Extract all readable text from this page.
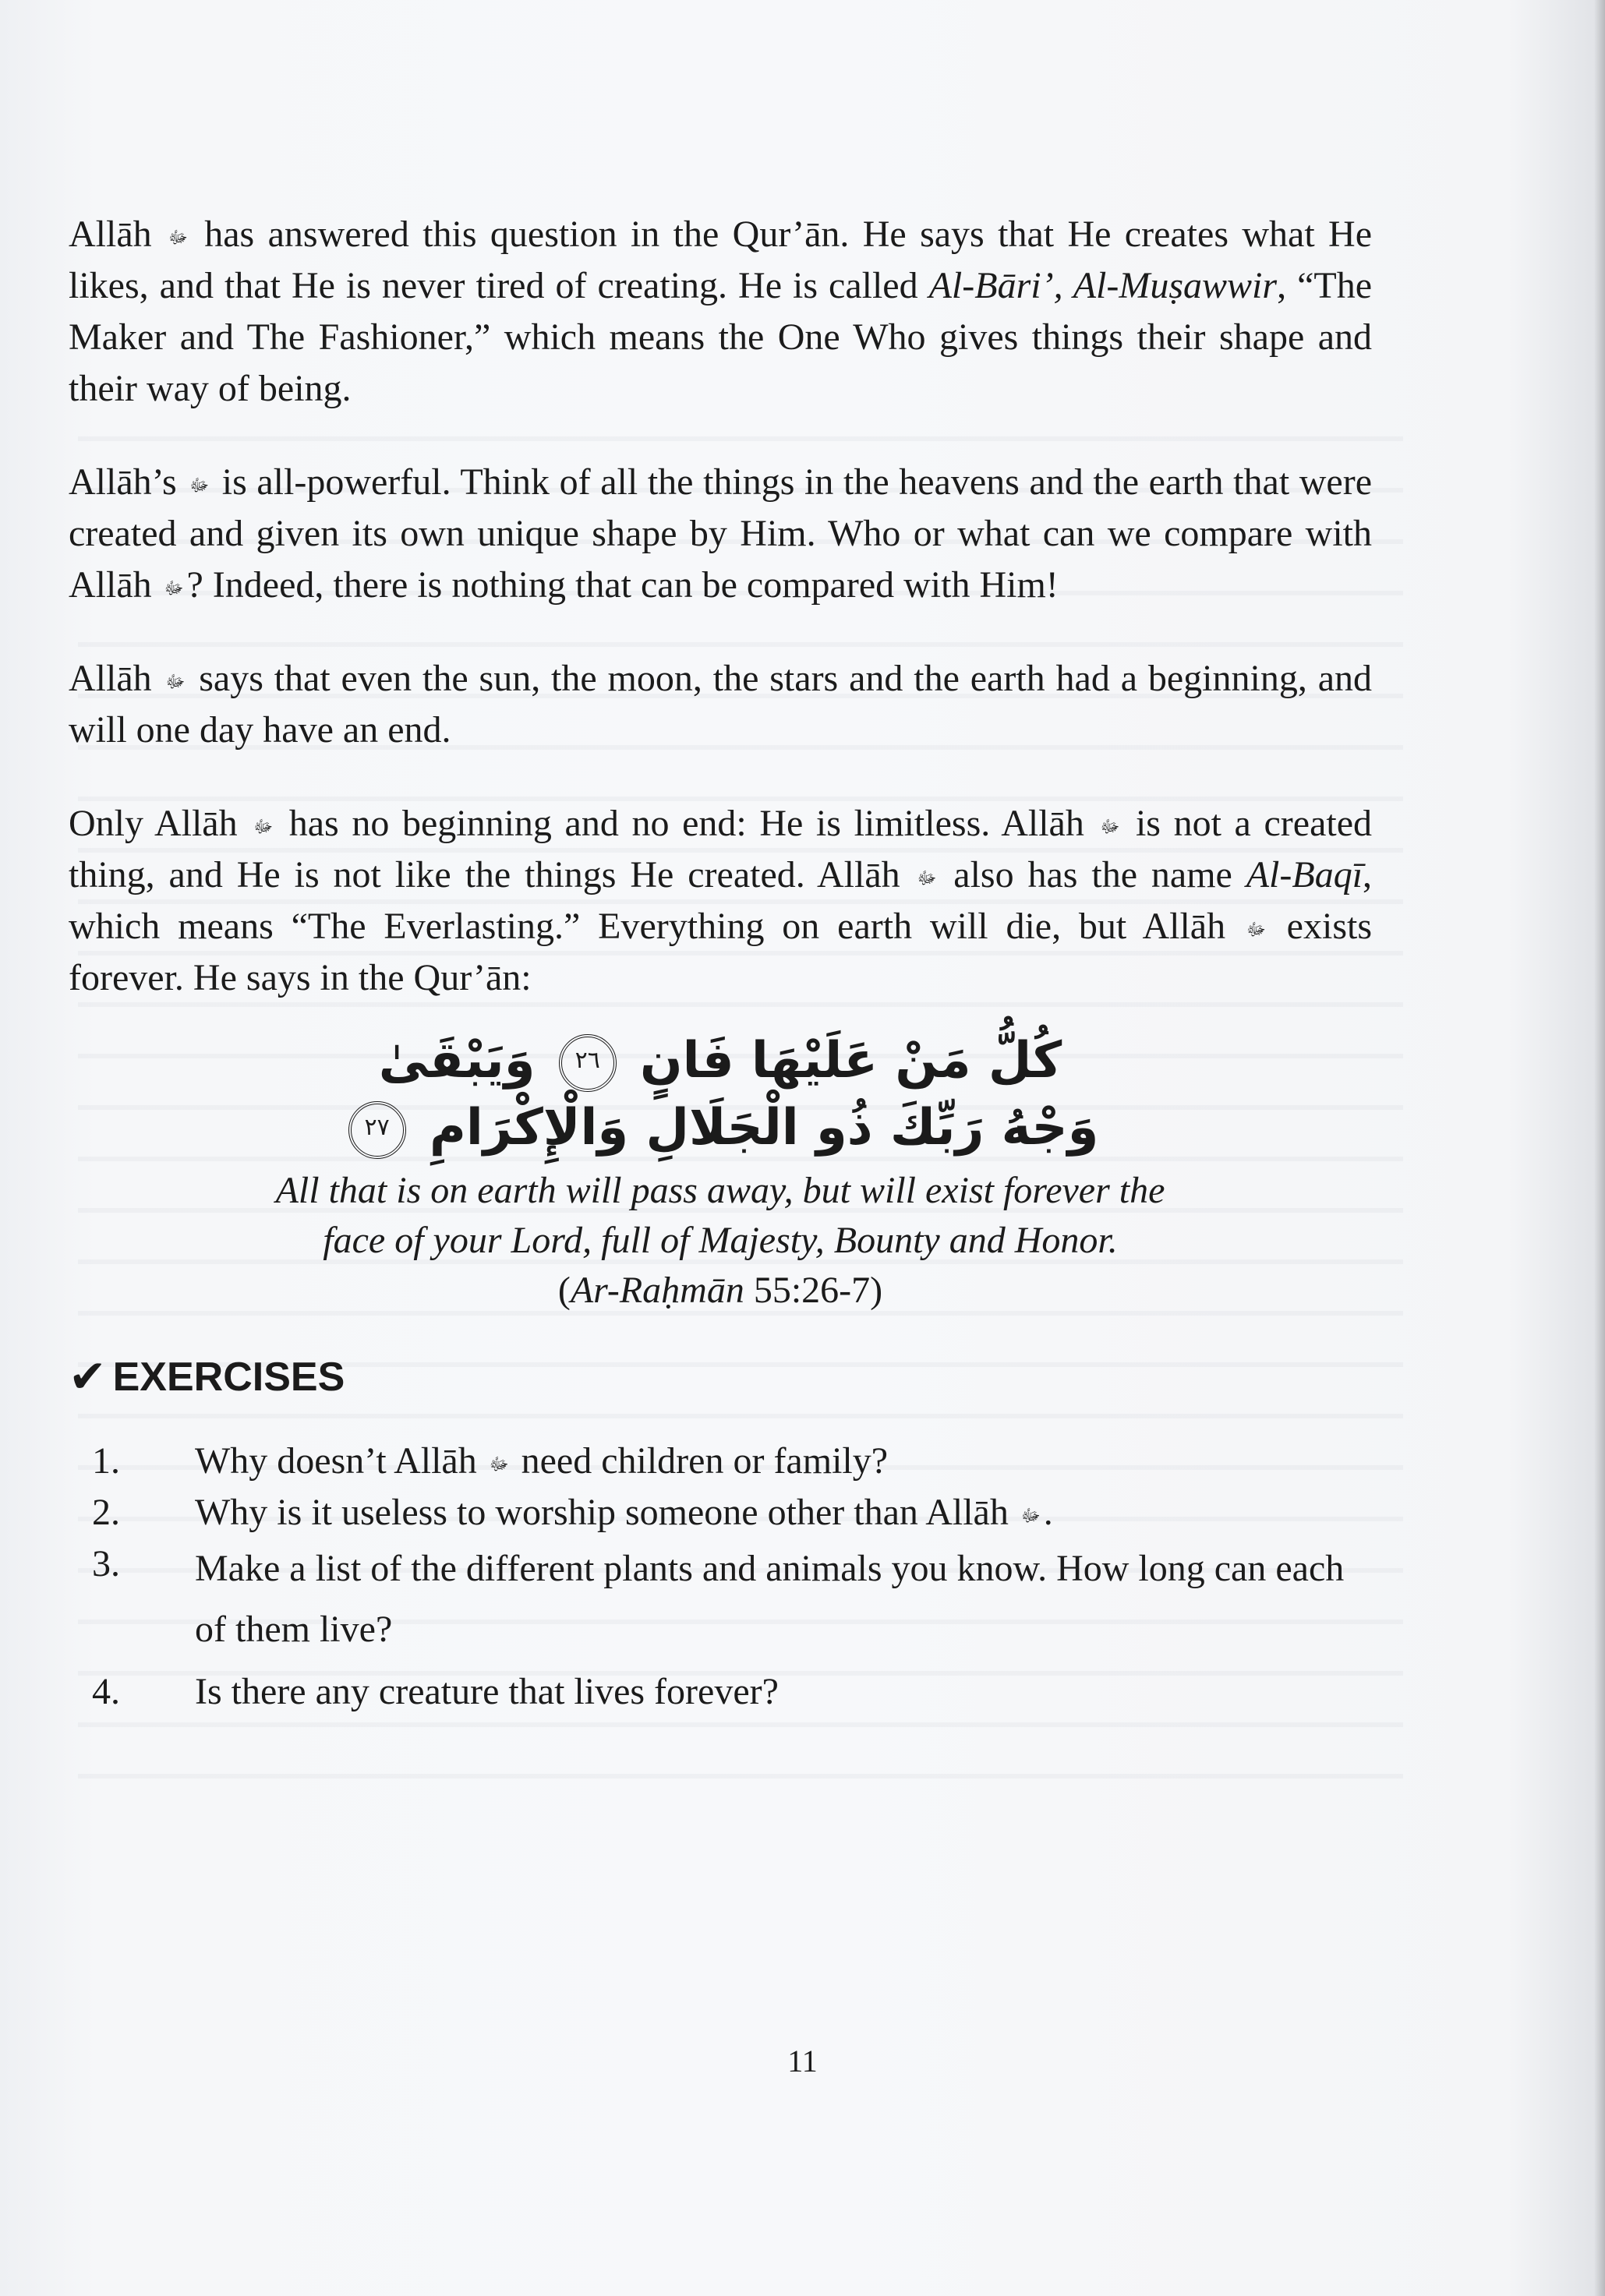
Allāh ﷻ has answered this question in the Qur’ān. He says that He creates what He likes, and that He is never tired of creating. He is called Al-Bāri’, Al-Muṣawwir, “The Maker and The Fashioner,” which means the One Who gives things their shape and their way of being.

Allāh’s ﷻ is all-powerful. Think of all the things in the heavens and the earth that were created and given its own unique shape by Him. Who or what can we compare with Allāh ﷻ? Indeed, there is nothing that can be compared with Him!

Allāh ﷻ says that even the sun, the moon, the stars and the earth had a beginning, and will one day have an end.

Only Allāh ﷻ has no beginning and no end: He is limitless. Allāh ﷻ is not a created thing, and He is not like the things He created. Allāh ﷻ also has the name Al-Baqī, which means “The Everlasting.” Everything on earth will die, but Allāh ﷻ exists forever. He says in the Qur’ān:

كُلُّ مَنْ عَلَيْهَا فَانٍ ٢٦ وَيَبْقَىٰ
وَجْهُ رَبِّكَ ذُو الْجَلَالِ وَالْإِكْرَامِ ٢٧
All that is on earth will pass away, but will exist forever the
face of your Lord, full of Majesty, Bounty and Honor.
(Ar-Raḥmān 55:26-7)
✔ EXERCISES
1.	Why doesn’t Allāh ﷻ need children or family?
2.	Why is it useless to worship someone other than Allāh ﷻ.
3.	Make a list of the different plants and animals you know. How long can each of them live?
4.	Is there any creature that lives forever?
11
